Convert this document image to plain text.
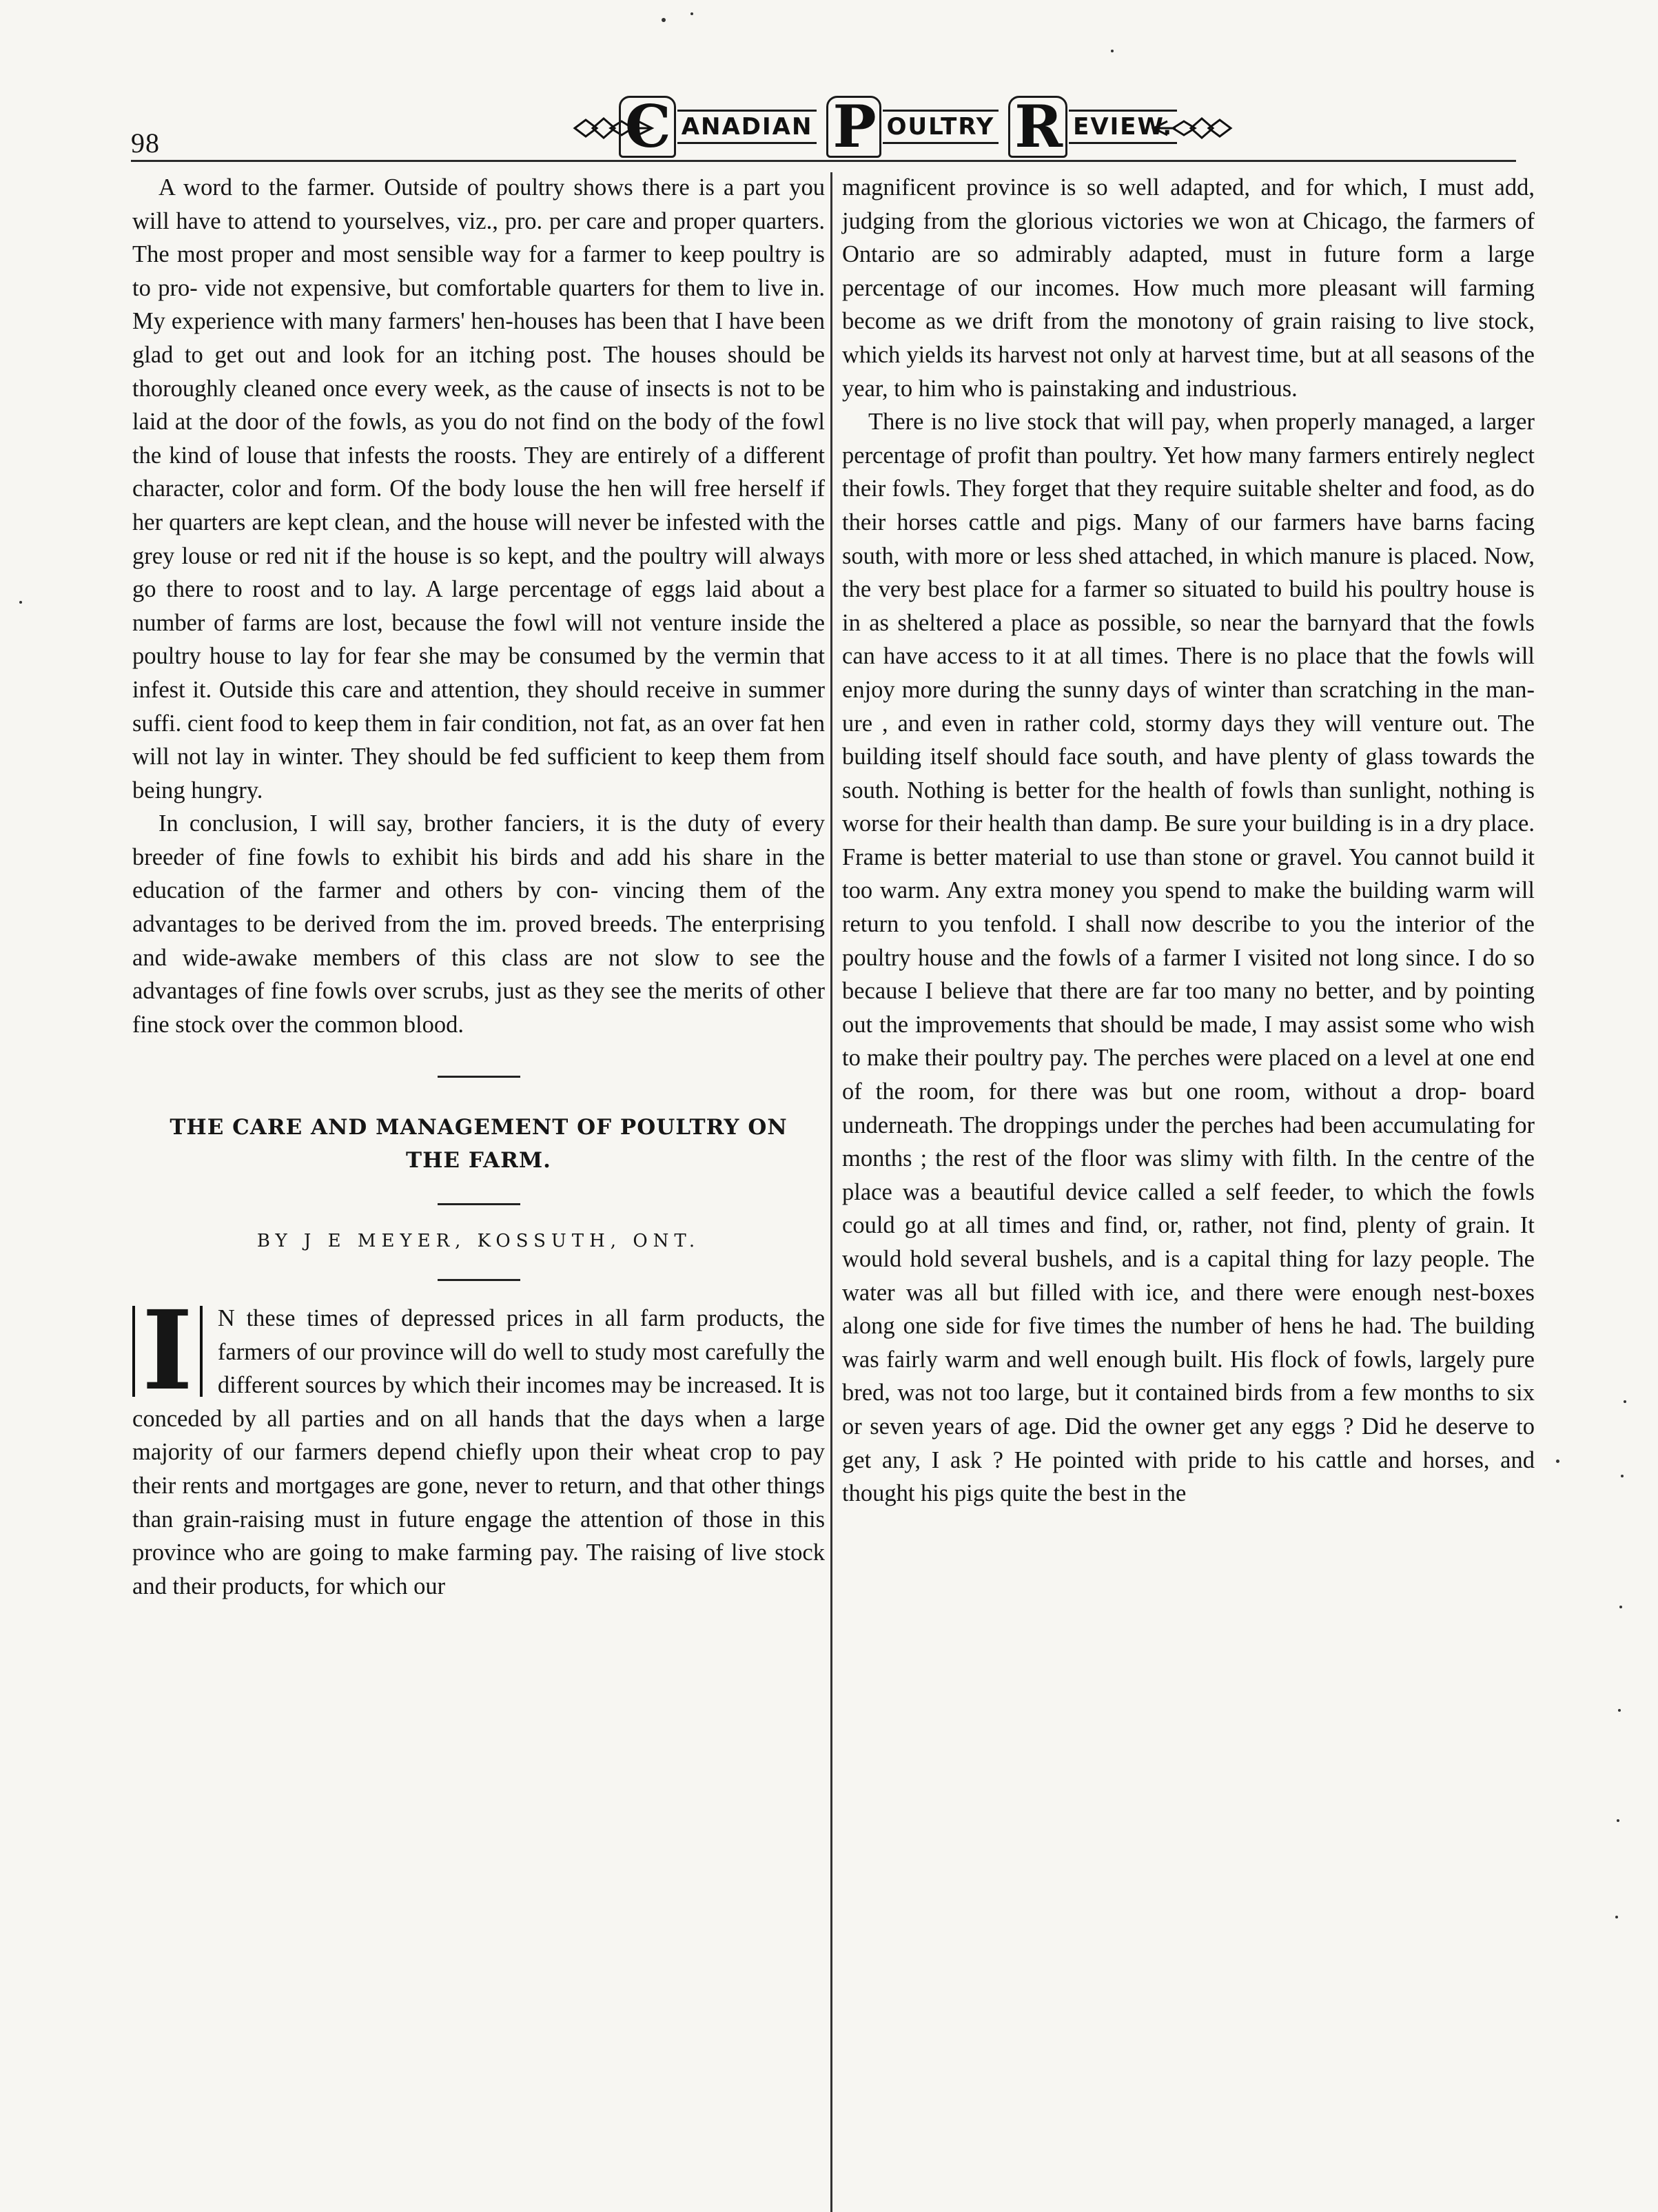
98	C ANADIAN P OULTRY R EVIEW.

A word to the farmer. Outside of poultry shows there is a part you will have to attend to yourselves, viz., pro. per care and proper quarters. The most proper and most sensible way for a farmer to keep poultry is to pro- vide not expensive, but comfortable quarters for them to live in. My experience with many farmers' hen-houses has been that I have been glad to get out and look for an itching post. The houses should be thoroughly cleaned once every week, as the cause of insects is not to be laid at the door of the fowls, as you do not find on the body of the fowl the kind of louse that infests the roosts. They are entirely of a different character, color and form. Of the body louse the hen will free herself if her quarters are kept clean, and the house will never be infested with the grey louse or red nit if the house is so kept, and the poultry will always go there to roost and to lay. A large percentage of eggs laid about a number of farms are lost, because the fowl will not venture inside the poultry house to lay for fear she may be consumed by the vermin that infest it. Outside this care and attention, they should receive in summer suffi. cient food to keep them in fair condition, not fat, as an over fat hen will not lay in winter. They should be fed sufficient to keep them from being hungry.

In conclusion, I will say, brother fanciers, it is the duty of every breeder of fine fowls to exhibit his birds and add his share in the education of the farmer and others by con- vincing them of the advantages to be derived from the im. proved breeds. The enterprising and wide-awake members of this class are not slow to see the advantages of fine fowls over scrubs, just as they see the merits of other fine stock over the common blood.

THE CARE AND MANAGEMENT OF POULTRY ON THE FARM.

BY J E MEYER, KOSSUTH, ONT.

I	N these times of depressed prices in all farm products, the farmers of our province will do well to study most carefully the different sources by which their incomes may be increased. It is conceded by all parties and on all hands that the days when a large majority of our farmers depend chiefly upon their wheat crop to pay their rents and mortgages are gone, never to return, and that other things than grain-raising must in future engage the attention of those in this province who are going to make farming pay. The raising of live stock and their products, for which our

magnificent province is so well adapted, and for which, I must add, judging from the glorious victories we won at Chicago, the farmers of Ontario are so admirably adapted, must in future form a large percentage of our incomes. How much more pleasant will farming become as we drift from the monotony of grain raising to live stock, which yields its harvest not only at harvest time, but at all seasons of the year, to him who is painstaking and industrious.

There is no live stock that will pay, when properly managed, a larger percentage of profit than poultry. Yet how many farmers entirely neglect their fowls. They forget that they require suitable shelter and food, as do their horses cattle and pigs. Many of our farmers have barns facing south, with more or less shed attached, in which manure is placed. Now, the very best place for a farmer so situated to build his poultry house is in as sheltered a place as possible, so near the barnyard that the fowls can have access to it at all times. There is no place that the fowls will enjoy more during the sunny days of winter than scratching in the man- ure , and even in rather cold, stormy days they will venture out. The building itself should face south, and have plenty of glass towards the south. Nothing is better for the health of fowls than sunlight, nothing is worse for their health than damp. Be sure your building is in a dry place. Frame is better material to use than stone or gravel. You cannot build it too warm. Any extra money you spend to make the building warm will return to you tenfold. I shall now describe to you the interior of the poultry house and the fowls of a farmer I visited not long since. I do so because I believe that there are far too many no better, and by pointing out the improvements that should be made, I may assist some who wish to make their poultry pay. The perches were placed on a level at one end of the room, for there was but one room, without a drop- board underneath. The droppings under the perches had been accumulating for months ; the rest of the floor was slimy with filth. In the centre of the place was a beautiful device called a self feeder, to which the fowls could go at all times and find, or, rather, not find, plenty of grain. It would hold several bushels, and is a capital thing for lazy people. The water was all but filled with ice, and there were enough nest-boxes along one side for five times the number of hens he had. The building was fairly warm and well enough built. His flock of fowls, largely pure bred, was not too large, but it contained birds from a few months to six or seven years of age. Did the owner get any eggs ? Did he deserve to get any, I ask ? He pointed with pride to his cattle and horses, and thought his pigs quite the best in the
